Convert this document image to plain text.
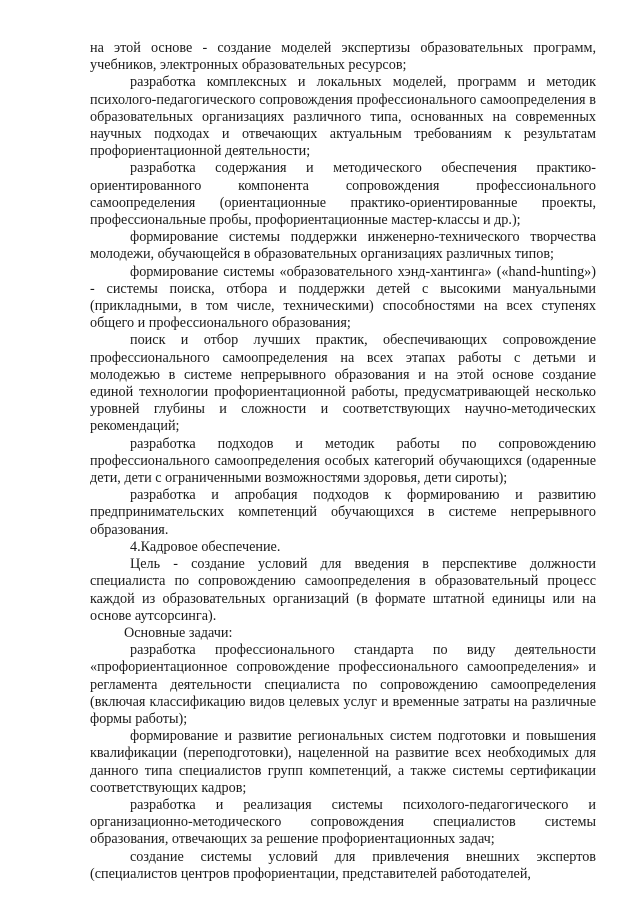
на этой основе - создание моделей экспертизы образовательных программ, учебников, электронных образовательных ресурсов;

разработка комплексных и локальных моделей, программ и методик психолого-педагогического сопровождения профессионального самоопределения в образовательных организациях различного типа, основанных на современных научных подходах и отвечающих актуальным требованиям к результатам профориентационной деятельности;

разработка содержания и методического обеспечения практико-ориентированного компонента сопровождения профессионального самоопределения (ориентационные практико-ориентированные проекты, профессиональные пробы, профориентационные мастер-классы и др.);

формирование системы поддержки инженерно-технического творчества молодежи, обучающейся в образовательных организациях различных типов;

формирование системы «образовательного хэнд-хантинга» («hand-hunting») - системы поиска, отбора и поддержки детей с высокими мануальными (прикладными, в том числе, техническими) способностями на всех ступенях общего и профессионального образования;

поиск и отбор лучших практик, обеспечивающих сопровождение профессионального самоопределения на всех этапах работы с детьми и молодежью в системе непрерывного образования и на этой основе создание единой технологии профориентационной работы, предусматривающей несколько уровней глубины и сложности и соответствующих научно-методических рекомендаций;

разработка подходов и методик работы по сопровождению профессионального самоопределения особых категорий обучающихся (одаренные дети, дети с ограниченными возможностями здоровья, дети сироты);

разработка и апробация подходов к формированию и развитию предпринимательских компетенций обучающихся в системе непрерывного образования.

4.Кадровое обеспечение.

Цель - создание условий для введения в перспективе должности специалиста по сопровождению самоопределения в образовательный процесс каждой из образовательных организаций (в формате штатной единицы или на основе аутсорсинга).

Основные задачи:

разработка профессионального стандарта по виду деятельности «профориентационное сопровождение профессионального самоопределения» и регламента деятельности специалиста по сопровождению самоопределения (включая классификацию видов целевых услуг и временные затраты на различные формы работы);

формирование и развитие региональных систем подготовки и повышения квалификации (переподготовки), нацеленной на развитие всех необходимых для данного типа специалистов групп компетенций, а также системы сертификации соответствующих кадров;

разработка и реализация системы психолого-педагогического и организационно-методического сопровождения специалистов системы образования, отвечающих за решение профориентационных задач;

создание системы условий для привлечения внешних экспертов (специалистов центров профориентации, представителей работодателей,
